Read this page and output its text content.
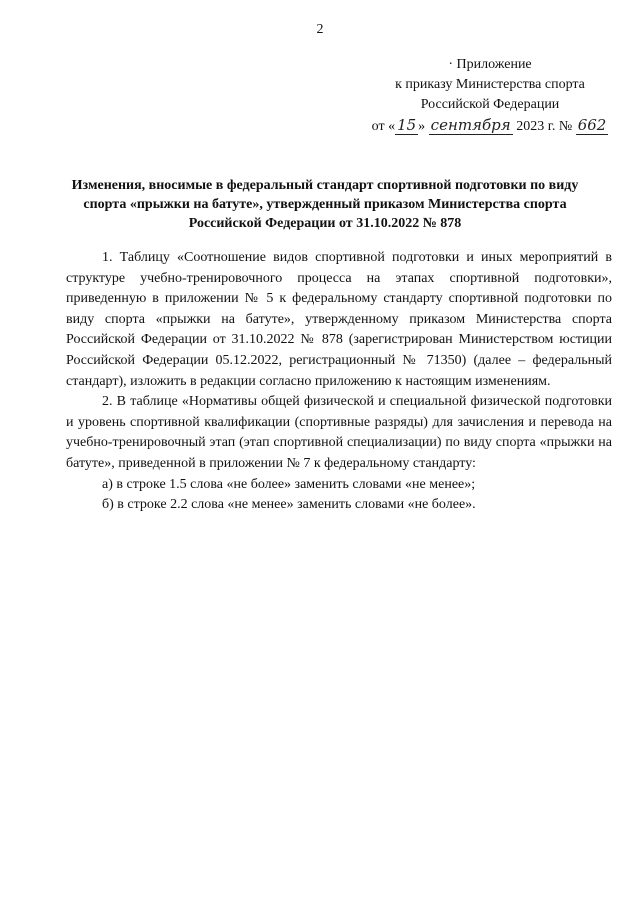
2
· Приложение
к приказу Министерства спорта
Российской Федерации
от « 15 » сентября 2023 г. № 662
Изменения, вносимые в федеральный стандарт спортивной подготовки по виду спорта «прыжки на батуте», утвержденный приказом Министерства спорта Российской Федерации от 31.10.2022 № 878

1. Таблицу «Соотношение видов спортивной подготовки и иных мероприятий в структуре учебно-тренировочного процесса на этапах спортивной подготовки», приведенную в приложении № 5 к федеральному стандарту спортивной подготовки по виду спорта «прыжки на батуте», утвержденному приказом Министерства спорта Российской Федерации от 31.10.2022 № 878 (зарегистрирован Министерством юстиции Российской Федерации 05.12.2022, регистрационный № 71350) (далее – федеральный стандарт), изложить в редакции согласно приложению к настоящим изменениям.

2. В таблице «Нормативы общей физической и специальной физической подготовки и уровень спортивной квалификации (спортивные разряды) для зачисления и перевода на учебно-тренировочный этап (этап спортивной специализации) по виду спорта «прыжки на батуте», приведенной в приложении № 7 к федеральному стандарту:

а) в строке 1.5 слова «не более» заменить словами «не менее»;

б) в строке 2.2 слова «не менее» заменить словами «не более».
